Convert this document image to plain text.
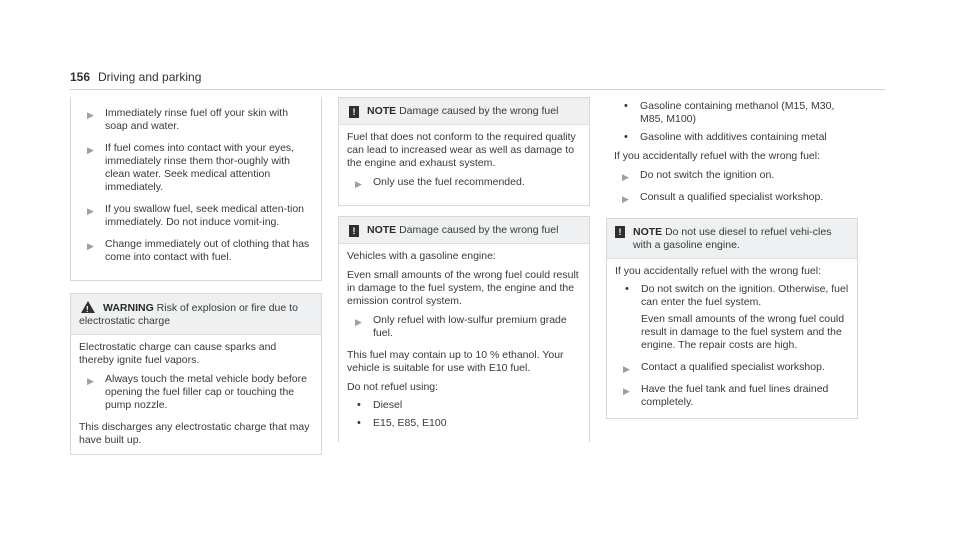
156 Driving and parking
▶ Immediately rinse fuel off your skin with soap and water.
▶ If fuel comes into contact with your eyes, immediately rinse them thor-oughly with clean water. Seek medical attention immediately.
▶ If you swallow fuel, seek medical atten-tion immediately. Do not induce vomit-ing.
▶ Change immediately out of clothing that has come into contact with fuel.
! WARNING Risk of explosion or fire due to electrostatic charge

Electrostatic charge can cause sparks and thereby ignite fuel vapors.

▶ Always touch the metal vehicle body before opening the fuel filler cap or touching the pump nozzle.

This discharges any electrostatic charge that may have built up.

! NOTE Damage caused by the wrong fuel

Fuel that does not conform to the required quality can lead to increased wear as well as damage to the engine and exhaust system.

▶ Only use the fuel recommended.
! NOTE Damage caused by the wrong fuel

Vehicles with a gasoline engine:

Even small amounts of the wrong fuel could result in damage to the fuel system, the engine and the emission control system.

▶ Only refuel with low-sulfur premium grade fuel.

This fuel may contain up to 10 % ethanol. Your vehicle is suitable for use with E10 fuel.

Do not refuel using:

• Diesel
• E15, E85, E100
• Gasoline containing methanol (M15, M30, M85, M100)
• Gasoline with additives containing metal

If you accidentally refuel with the wrong fuel:

▶ Do not switch the ignition on.
▶ Consult a qualified specialist workshop.
!	NOTE Do not use diesel to refuel vehi-cles with a gasoline engine.

If you accidentally refuel with the wrong fuel:

• Do not switch on the ignition. Otherwise, fuel can enter the fuel system.
Even small amounts of the wrong fuel could result in damage to the fuel system and the engine. The repair costs are high.
▶ Contact a qualified specialist workshop.
▶ Have the fuel tank and fuel lines drained completely.
